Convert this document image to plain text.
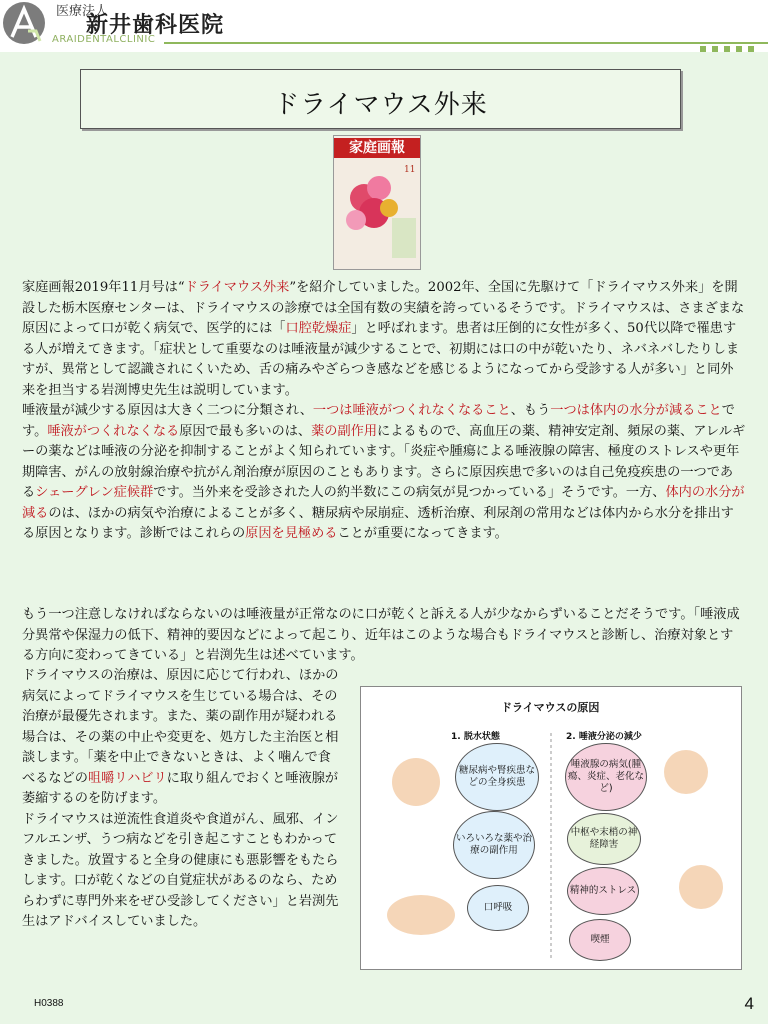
医療法人
新井歯科医院
ARAIDENTALCLINIC
ドライマウス外来
家庭画報
11
家庭画報2019年11月号は“ドライマウス外来”を紹介していました。2002年、全国に先駆けて「ドライマウス外来」を開設した栃木医療センターは、ドライマウスの診療では全国有数の実績を誇っているそうです。ドライマウスは、さまざまな原因によって口が乾く病気で、医学的には「口腔乾燥症」と呼ばれます。患者は圧倒的に女性が多く、50代以降で罹患する人が増えてきます。「症状として重要なのは唾液量が減少することで、初期には口の中が乾いたり、ネバネバしたりしますが、異常として認識されにくいため、舌の痛みやざらつき感などを感じるようになってから受診する人が多い」と同外来を担当する岩渕博史先生は説明しています。
唾液量が減少する原因は大きく二つに分類され、一つは唾液がつくれなくなること、もう一つは体内の水分が減ることです。唾液がつくれなくなる原因で最も多いのは、薬の副作用によるもので、高血圧の薬、精神安定剤、頻尿の薬、アレルギーの薬などは唾液の分泌を抑制することがよく知られています。「炎症や腫瘍による唾液腺の障害、極度のストレスや更年期障害、がんの放射線治療や抗がん剤治療が原因のこともあります。さらに原因疾患で多いのは自己免疫疾患の一つであるシェーグレン症候群です。当外来を受診された人の約半数にこの病気が見つかっている」そうです。一方、体内の水分が減るのは、ほかの病気や治療によることが多く、糖尿病や尿崩症、透析治療、利尿剤の常用などは体内から水分を排出する原因となります。診断ではこれらの原因を見極めることが重要になってきます。
もう一つ注意しなければならないのは唾液量が正常なのに口が乾くと訴える人が少なからずいることだそうです。「唾液成分異常や保湿力の低下、精神的要因などによって起こり、近年はこのような場合もドライマウスと診断し、治療対象とする方向に変わってきている」と岩渕先生は述べています。
ドライマウスの治療は、原因に応じて行われ、ほかの病気によってドライマウスを生じている場合は、その治療が最優先されます。また、薬の副作用が疑われる場合は、その薬の中止や変更を、処方した主治医と相談します。「薬を中止できないときは、よく噛んで食べるなどの咀嚼リハビリに取り組んでおくと唾液腺が萎縮するのを防げます。
ドライマウスは逆流性食道炎や食道がん、風邪、インフルエンザ、うつ病などを引き起こすこともわかってきました。放置すると全身の健康にも悪影響をもたらします。口が乾くなどの自覚症状があるのなら、ためらわずに専門外来をぜひ受診してください」と岩渕先生はアドバイスしていました。
ドライマウスの原因
1. 脱水状態	2. 唾液分泌の減少
糖尿病や腎疾患などの全身疾患
いろいろな薬や治療の副作用
口呼吸
唾液腺の病気(腫瘍、炎症、老化など)
中枢や末梢の神経障害
精神的ストレス
喫煙
H0388	4
